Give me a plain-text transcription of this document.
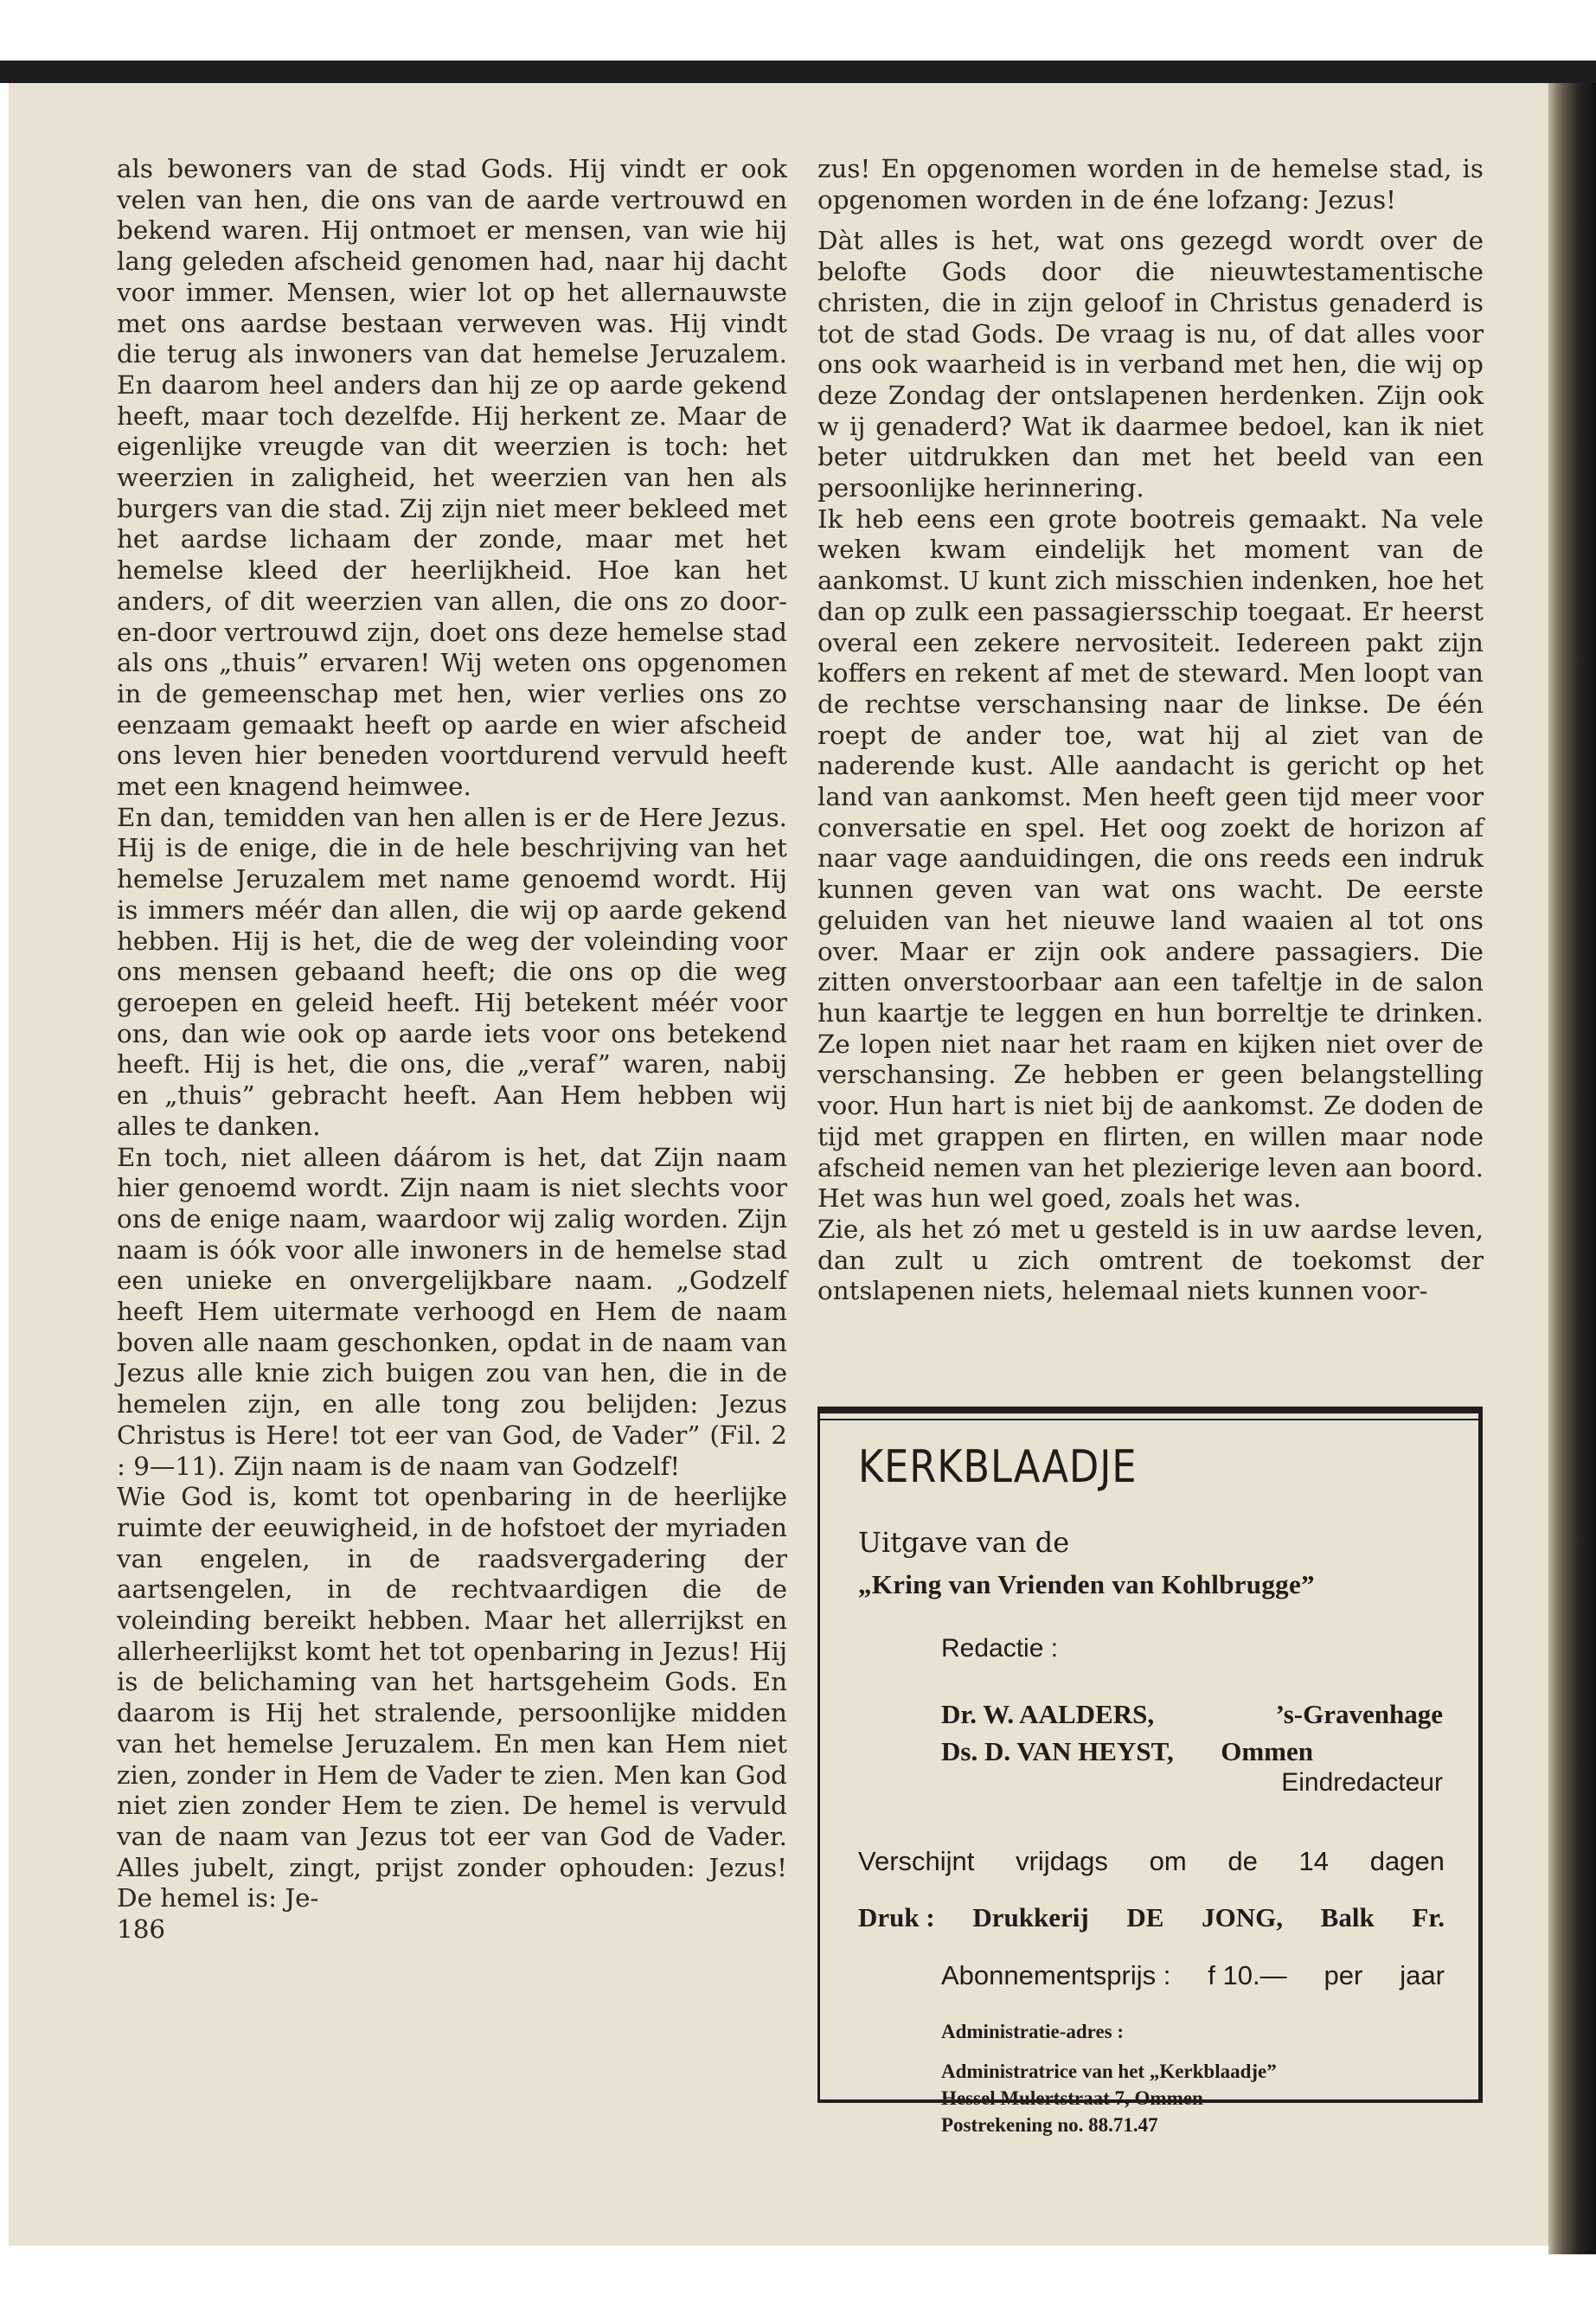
als bewoners van de stad Gods. Hij vindt er ook velen van hen, die ons van de aarde vertrouwd en bekend waren. Hij ontmoet er mensen, van wie hij lang geleden afscheid genomen had, naar hij dacht voor immer. Mensen, wier lot op het allernauwste met ons aardse bestaan verweven was. Hij vindt die terug als inwoners van dat hemelse Jeruzalem. En daarom heel anders dan hij ze op aarde gekend heeft, maar toch dezelfde. Hij herkent ze. Maar de eigenlijke vreugde van dit weerzien is toch: het weerzien in zaligheid, het weerzien van hen als burgers van die stad. Zij zijn niet meer bekleed met het aardse lichaam der zonde, maar met het hemelse kleed der heerlijkheid. Hoe kan het anders, of dit weerzien van allen, die ons zo door-en-door vertrouwd zijn, doet ons deze hemelse stad als ons „thuis” ervaren! Wij weten ons opgenomen in de gemeenschap met hen, wier verlies ons zo eenzaam gemaakt heeft op aarde en wier afscheid ons leven hier beneden voortdurend vervuld heeft met een knagend heimwee.

En dan, temidden van hen allen is er de Here Jezus. Hij is de enige, die in de hele beschrijving van het hemelse Jeruzalem met name genoemd wordt. Hij is immers méér dan allen, die wij op aarde gekend hebben. Hij is het, die de weg der voleinding voor ons mensen gebaand heeft; die ons op die weg geroepen en geleid heeft. Hij betekent méér voor ons, dan wie ook op aarde iets voor ons betekend heeft. Hij is het, die ons, die „veraf” waren, nabij en „thuis” gebracht heeft. Aan Hem hebben wij alles te danken.

En toch, niet alleen dáárom is het, dat Zijn naam hier genoemd wordt. Zijn naam is niet slechts voor ons de enige naam, waardoor wij zalig worden. Zijn naam is óók voor alle inwoners in de hemelse stad een unieke en onvergelijkbare naam. „Godzelf heeft Hem uitermate verhoogd en Hem de naam boven alle naam geschonken, opdat in de naam van Jezus alle knie zich buigen zou van hen, die in de hemelen zijn, en alle tong zou belijden: Jezus Christus is Here! tot eer van God, de Vader” (Fil. 2 : 9—11). Zijn naam is de naam van Godzelf!

Wie God is, komt tot openbaring in de heerlijke ruimte der eeuwigheid, in de hofstoet der myriaden van engelen, in de raadsvergadering der aartsengelen, in de rechtvaardigen die de voleinding bereikt hebben. Maar het allerrijkst en allerheerlijkst komt het tot openbaring in Jezus! Hij is de belichaming van het hartsgeheim Gods. En daarom is Hij het stralende, persoonlijke midden van het hemelse Jeruzalem. En men kan Hem niet zien, zonder in Hem de Vader te zien. Men kan God niet zien zonder Hem te zien. De hemel is vervuld van de naam van Jezus tot eer van God de Vader. Alles jubelt, zingt, prijst zonder ophouden: Jezus! De hemel is: Je-

186

zus! En opgenomen worden in de hemelse stad, is opgenomen worden in de éne lofzang: Jezus!

Dàt alles is het, wat ons gezegd wordt over de belofte Gods door die nieuwtestamentische christen, die in zijn geloof in Christus genaderd is tot de stad Gods. De vraag is nu, of dat alles voor ons ook waarheid is in verband met hen, die wij op deze Zondag der ontslapenen herdenken. Zijn ook w ij genaderd? Wat ik daarmee bedoel, kan ik niet beter uitdrukken dan met het beeld van een persoonlijke herinnering.

Ik heb eens een grote bootreis gemaakt. Na vele weken kwam eindelijk het moment van de aankomst. U kunt zich misschien indenken, hoe het dan op zulk een passagiersschip toegaat. Er heerst overal een zekere nervositeit. Iedereen pakt zijn koffers en rekent af met de steward. Men loopt van de rechtse verschansing naar de linkse. De één roept de ander toe, wat hij al ziet van de naderende kust. Alle aandacht is gericht op het land van aankomst. Men heeft geen tijd meer voor conversatie en spel. Het oog zoekt de horizon af naar vage aanduidingen, die ons reeds een indruk kunnen geven van wat ons wacht. De eerste geluiden van het nieuwe land waaien al tot ons over. Maar er zijn ook andere passagiers. Die zitten onverstoorbaar aan een tafeltje in de salon hun kaartje te leggen en hun borreltje te drinken. Ze lopen niet naar het raam en kijken niet over de verschansing. Ze hebben er geen belangstelling voor. Hun hart is niet bij de aankomst. Ze doden de tijd met grappen en flirten, en willen maar node afscheid nemen van het plezierige leven aan boord. Het was hun wel goed, zoals het was.

Zie, als het zó met u gesteld is in uw aardse leven, dan zult u zich omtrent de toekomst der ontslapenen niets, helemaal niets kunnen voor-

KERKBLAADJE
Uitgave van de
„Kring van Vrienden van Kohlbrugge”
Redactie :
Dr. W. AALDERS,	’s-Gravenhage
Ds. D. VAN HEYST, Ommen
Eindredacteur
Verschijnt vrijdags om de 14 dagen
Druk : Drukkerij DE JONG, Balk Fr.
Abonnementsprijs : f 10.— per jaar
Administratie-adres :
Administratrice van het „Kerkblaadje”
Hessel Mulertstraat 7, Ommen
Postrekening no. 88.71.47
